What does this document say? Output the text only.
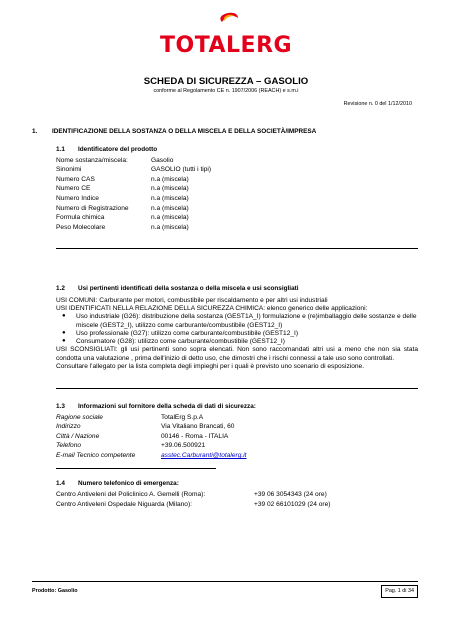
TOTALERG
SCHEDA DI SICUREZZA – GASOLIO
conforme al Regolamento CE n. 1907/2006 (REACH) e s.m.i
Revisione n. 0 del 1/12/2010
1. IDENTIFICAZIONE DELLA SOSTANZA O DELLA MISCELA E DELLA SOCIETÀ/IMPRESA
1.1 Identificatore del prodotto
Nome sostanza/miscela:	Gasolio
Sinonimi	GASOLIO (tutti i tipi)
Numero CAS	n.a (miscela)
Numero CE	n.a (miscela)
Numero Indice	n.a (miscela)
Numero di Registrazione	n.a (miscela)
Formula chimica	n.a (miscela)
Peso Molecolare	n.a (miscela)
1.2 Usi pertinenti identificati della sostanza o della miscela e usi sconsigliati

USI COMUNI: Carburante per motori, combustibile per riscaldamento e per altri usi industriali

USI IDENTIFICATI NELLA RELAZIONE DELLA SICUREZZA CHIMICA: elenco generico delle applicazioni:

●	Uso industriale (G26): distribuzione della sostanza (GEST1A_I) formulazione e (re)imballaggio delle sostanze e delle miscele (GEST2_I), utilizzo come carburante/combustibile (GEST12_I)
●	Uso professionale (G27): utilizzo come carburante/combustibile (GEST12_I)
●	Consumatore (G28): utilizzo come carburante/combustibile (GEST12_I)

USI SCONSIGLIATI: gli usi pertinenti sono sopra elencati. Non sono raccomandati altri usi a meno che non sia stata condotta una valutazione , prima dell'inizio di detto uso, che dimostri che i rischi connessi a tale uso sono controllati.

Consultare l'allegato per la lista completa degli impieghi per i quali è previsto uno scenario di esposizione.

1.3 Informazioni sul fornitore della scheda di dati di sicurezza:
Ragione sociale	TotalErg S.p.A
Indirizzo	Via Vitaliano Brancati, 60
Città / Nazione	00146 - Roma - ITALIA
Telefono	+39.06.500921
E-mail Tecnico competente	asstec.Carburanti@totalerg.it
1.4 Numero telefonico di emergenza:
Centro Antiveleni del Policlinico A. Gemelli (Roma):	+39 06 3054343 (24 ore)
Centro Antiveleni Ospedale Niguarda (Milano):	+39 02 66101029 (24 ore)
Prodotto: Gasolio	Pag. 1 di 34
